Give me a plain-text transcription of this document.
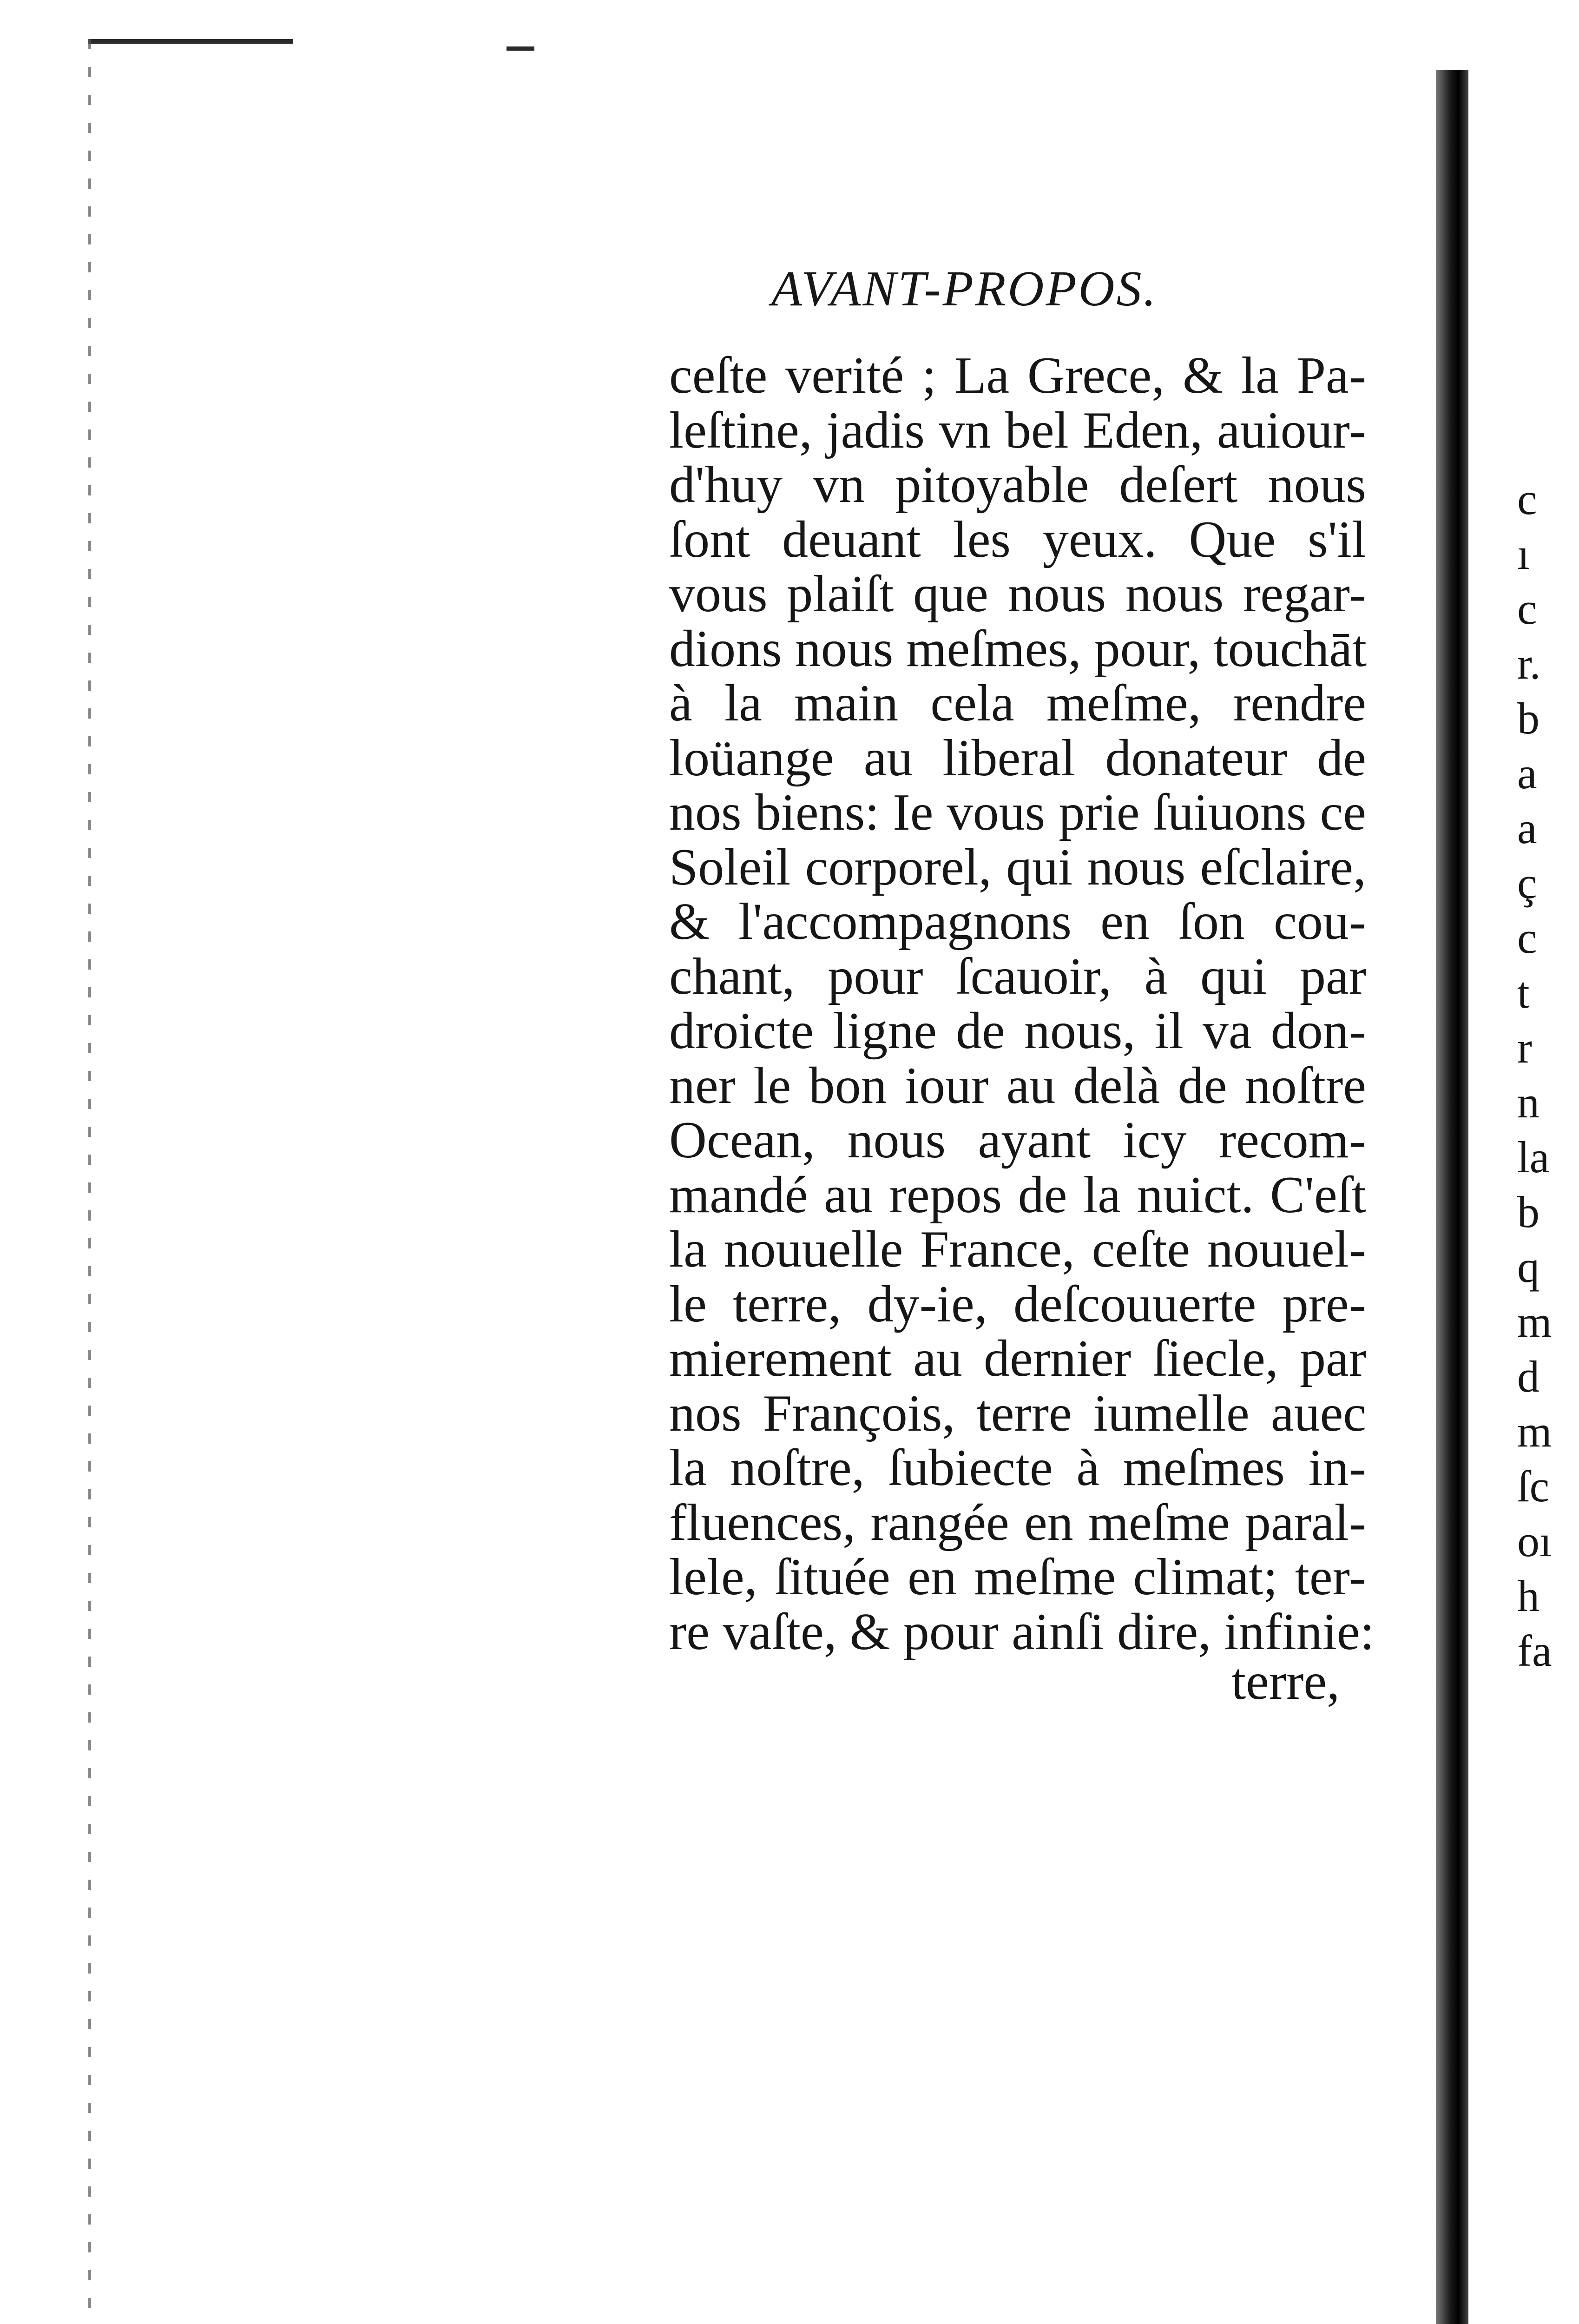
AVANT-PROPOS.
ceſte verité ; La Grece, & la Pa-
leſtine, jadis vn bel Eden, auiour-
d'huy vn pitoyable deſert nous
ſont deuant les yeux. Que s'il
vous plaiſt que nous nous regar-
dions nous meſmes, pour, touchāt
à la main cela meſme, rendre
loüange au liberal donateur de
nos biens: Ie vous prie ſuiuons ce
Soleil corporel, qui nous eſclaire,
& l'accompagnons en ſon cou-
chant, pour ſcauoir, à qui par
droicte ligne de nous, il va don-
ner le bon iour au delà de noſtre
Ocean, nous ayant icy recom-
mandé au repos de la nuict. C'eſt
la nouuelle France, ceſte nouuel-
le terre, dy-ie, deſcouuerte pre-
mierement au dernier ſiecle, par
nos François, terre iumelle auec
la noſtre, ſubiecte à meſmes in-
fluences, rangée en meſme paral-
lele, ſituée en meſme climat; ter-
re vaſte, & pour ainſi dire, infinie:
terre,
c
ı
c
r.
b
a
a
ç
c
t
r
n
la
b
q
m
d
m
ſc
oı
h
fa
